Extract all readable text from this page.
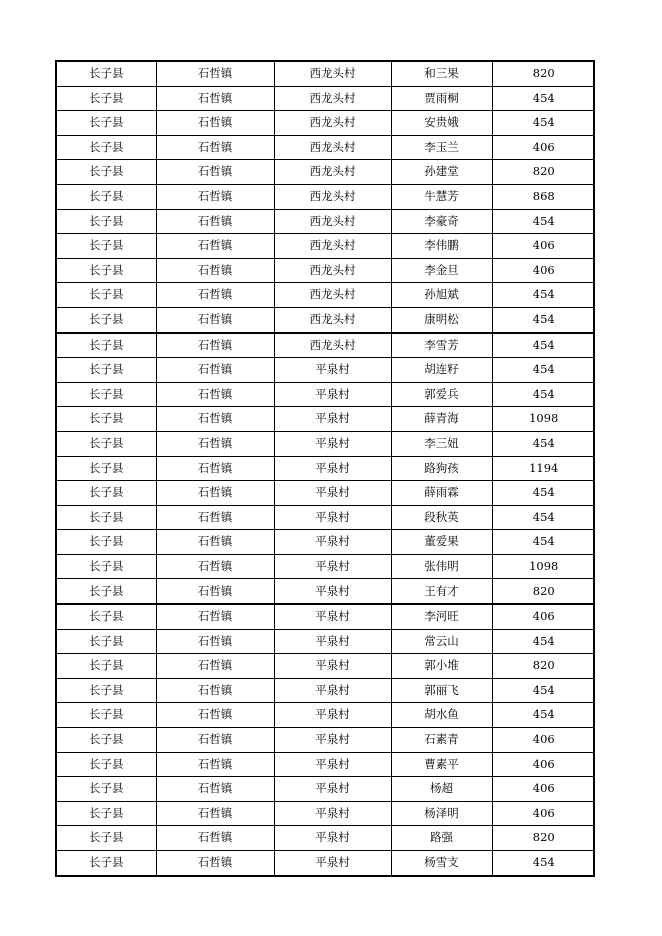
长子县	石哲镇	西龙头村	和三果	820
长子县	石哲镇	西龙头村	贾雨桐	454
长子县	石哲镇	西龙头村	安贵娥	454
长子县	石哲镇	西龙头村	李玉兰	406
长子县	石哲镇	西龙头村	孙建堂	820
长子县	石哲镇	西龙头村	牛慧芳	868
长子县	石哲镇	西龙头村	李豪奇	454
长子县	石哲镇	西龙头村	李伟鹏	406
长子县	石哲镇	西龙头村	李金旦	406
长子县	石哲镇	西龙头村	孙旭斌	454
长子县	石哲镇	西龙头村	康明松	454
长子县	石哲镇	西龙头村	李雪芳	454
长子县	石哲镇	平泉村	胡连籽	454
长子县	石哲镇	平泉村	郭爱兵	454
长子县	石哲镇	平泉村	薛青海	1098
长子县	石哲镇	平泉村	李三妞	454
长子县	石哲镇	平泉村	路狗孩	1194
长子县	石哲镇	平泉村	薛雨霖	454
长子县	石哲镇	平泉村	段秋英	454
长子县	石哲镇	平泉村	董爱果	454
长子县	石哲镇	平泉村	张伟明	1098
长子县	石哲镇	平泉村	王有才	820
长子县	石哲镇	平泉村	李河旺	406
长子县	石哲镇	平泉村	常云山	454
长子县	石哲镇	平泉村	郭小堆	820
长子县	石哲镇	平泉村	郭丽飞	454
长子县	石哲镇	平泉村	胡水鱼	454
长子县	石哲镇	平泉村	石素青	406
长子县	石哲镇	平泉村	曹素平	406
长子县	石哲镇	平泉村	杨超	406
长子县	石哲镇	平泉村	杨泽明	406
长子县	石哲镇	平泉村	路强	820
长子县	石哲镇	平泉村	杨雪支	454
